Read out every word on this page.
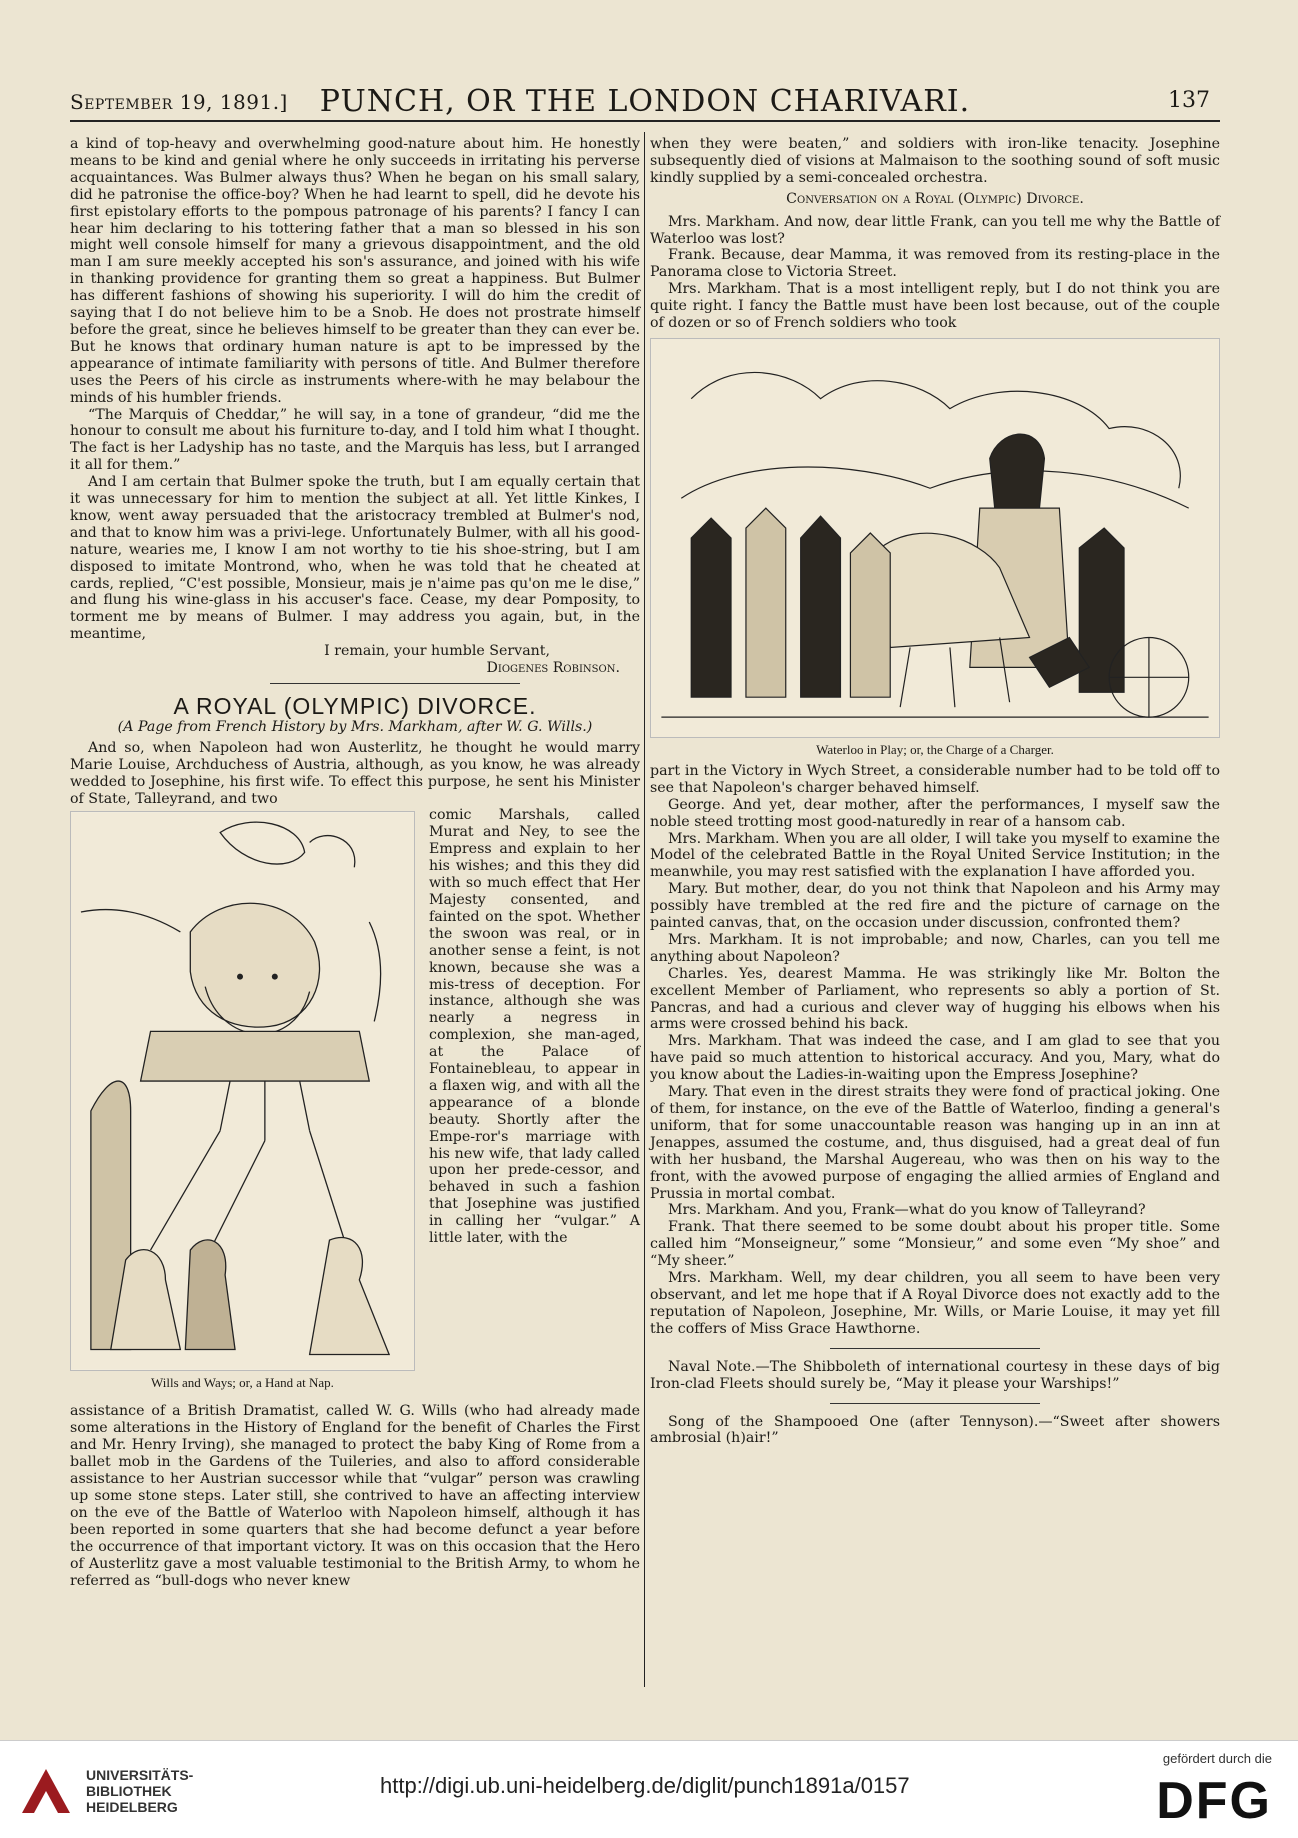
September 19, 1891.]	PUNCH, OR THE LONDON CHARIVARI.	137

a kind of top-heavy and overwhelming good-nature about him. He honestly means to be kind and genial where he only succeeds in irritating his perverse acquaintances. Was Bulmer always thus? When he began on his small salary, did he patronise the office-boy? When he had learnt to spell, did he devote his first epistolary efforts to the pompous patronage of his parents? I fancy I can hear him declaring to his tottering father that a man so blessed in his son might well console himself for many a grievous disappointment, and the old man I am sure meekly accepted his son's assurance, and joined with his wife in thanking providence for granting them so great a happiness. But Bulmer has different fashions of showing his superiority. I will do him the credit of saying that I do not believe him to be a Snob. He does not prostrate himself before the great, since he believes himself to be greater than they can ever be. But he knows that ordinary human nature is apt to be impressed by the appearance of intimate familiarity with persons of title. And Bulmer therefore uses the Peers of his circle as instruments where-with he may belabour the minds of his humbler friends.

“The Marquis of Cheddar,” he will say, in a tone of grandeur, “did me the honour to consult me about his furniture to-day, and I told him what I thought. The fact is her Ladyship has no taste, and the Marquis has less, but I arranged it all for them.”

And I am certain that Bulmer spoke the truth, but I am equally certain that it was unnecessary for him to mention the subject at all. Yet little Kinkes, I know, went away persuaded that the aristocracy trembled at Bulmer's nod, and that to know him was a privi-lege. Unfortunately Bulmer, with all his good-nature, wearies me, I know I am not worthy to tie his shoe-string, but I am disposed to imitate Montrond, who, when he was told that he cheated at cards, replied, “C'est possible, Monsieur, mais je n'aime pas qu'on me le dise,” and flung his wine-glass in his accuser's face. Cease, my dear Pomposity, to torment me by means of Bulmer. I may address you again, but, in the meantime,

I remain, your humble Servant,

Diogenes Robinson.

A ROYAL (OLYMPIC) DIVORCE.
(A Page from French History by Mrs. Markham, after W. G. Wills.)

And so, when Napoleon had won Austerlitz, he thought he would marry Marie Louise, Archduchess of Austria, although, as you know, he was already wedded to Josephine, his first wife. To effect this purpose, he sent his Minister of State, Talleyrand, and two

Wills and Ways; or, a Hand at Nap.

comic Marshals, called Murat and Ney, to see the Empress and explain to her his wishes; and this they did with so much effect that Her Majesty consented, and fainted on the spot. Whether the swoon was real, or in another sense a feint, is not known, because she was a mis-tress of deception. For instance, although she was nearly a negress in complexion, she man-aged, at the Palace of Fontainebleau, to appear in a flaxen wig, and with all the appearance of a blonde beauty. Shortly after the Empe-ror's marriage with his new wife, that lady called upon her prede-cessor, and behaved in such a fashion that Josephine was justified in calling her “vulgar.” A little later, with the

assistance of a British Dramatist, called W. G. Wills (who had already made some alterations in the History of England for the benefit of Charles the First and Mr. Henry Irving), she managed to protect the baby King of Rome from a ballet mob in the Gardens of the Tuileries, and also to afford considerable assistance to her Austrian successor while that “vulgar” person was crawling up some stone steps. Later still, she contrived to have an affecting interview on the eve of the Battle of Waterloo with Napoleon himself, although it has been reported in some quarters that she had become defunct a year before the occurrence of that important victory. It was on this occasion that the Hero of Austerlitz gave a most valuable testimonial to the British Army, to whom he referred as “bull-dogs who never knew

when they were beaten,” and soldiers with iron-like tenacity. Josephine subsequently died of visions at Malmaison to the soothing sound of soft music kindly supplied by a semi-concealed orchestra.

Conversation on a Royal (Olympic) Divorce.

Mrs. Markham. And now, dear little Frank, can you tell me why the Battle of Waterloo was lost?

Frank. Because, dear Mamma, it was removed from its resting-place in the Panorama close to Victoria Street.

Mrs. Markham. That is a most intelligent reply, but I do not think you are quite right. I fancy the Battle must have been lost because, out of the couple of dozen or so of French soldiers who took

Waterloo in Play; or, the Charge of a Charger.

part in the Victory in Wych Street, a considerable number had to be told off to see that Napoleon's charger behaved himself.

George. And yet, dear mother, after the performances, I myself saw the noble steed trotting most good-naturedly in rear of a hansom cab.

Mrs. Markham. When you are all older, I will take you myself to examine the Model of the celebrated Battle in the Royal United Service Institution; in the meanwhile, you may rest satisfied with the explanation I have afforded you.

Mary. But mother, dear, do you not think that Napoleon and his Army may possibly have trembled at the red fire and the picture of carnage on the painted canvas, that, on the occasion under discussion, confronted them?

Mrs. Markham. It is not improbable; and now, Charles, can you tell me anything about Napoleon?

Charles. Yes, dearest Mamma. He was strikingly like Mr. Bolton the excellent Member of Parliament, who represents so ably a portion of St. Pancras, and had a curious and clever way of hugging his elbows when his arms were crossed behind his back.

Mrs. Markham. That was indeed the case, and I am glad to see that you have paid so much attention to historical accuracy. And you, Mary, what do you know about the Ladies-in-waiting upon the Empress Josephine?

Mary. That even in the direst straits they were fond of practical joking. One of them, for instance, on the eve of the Battle of Waterloo, finding a general's uniform, that for some unaccountable reason was hanging up in an inn at Jenappes, assumed the costume, and, thus disguised, had a great deal of fun with her husband, the Marshal Augereau, who was then on his way to the front, with the avowed purpose of engaging the allied armies of England and Prussia in mortal combat.

Mrs. Markham. And you, Frank—what do you know of Talleyrand?

Frank. That there seemed to be some doubt about his proper title. Some called him “Monseigneur,” some “Monsieur,” and some even “My shoe” and “My sheer.”

Mrs. Markham. Well, my dear children, you all seem to have been very observant, and let me hope that if A Royal Divorce does not exactly add to the reputation of Napoleon, Josephine, Mr. Wills, or Marie Louise, it may yet fill the coffers of Miss Grace Hawthorne.

Naval Note.—The Shibboleth of international courtesy in these days of big Iron-clad Fleets should surely be, “May it please your Warships!”

Song of the Shampooed One (after Tennyson).—“Sweet after showers ambrosial (h)air!”

UNIVERSITÄTS-
BIBLIOTHEK
HEIDELBERG
http://digi.ub.uni-heidelberg.de/diglit/punch1891a/0157
gefördert durch die
DFG
